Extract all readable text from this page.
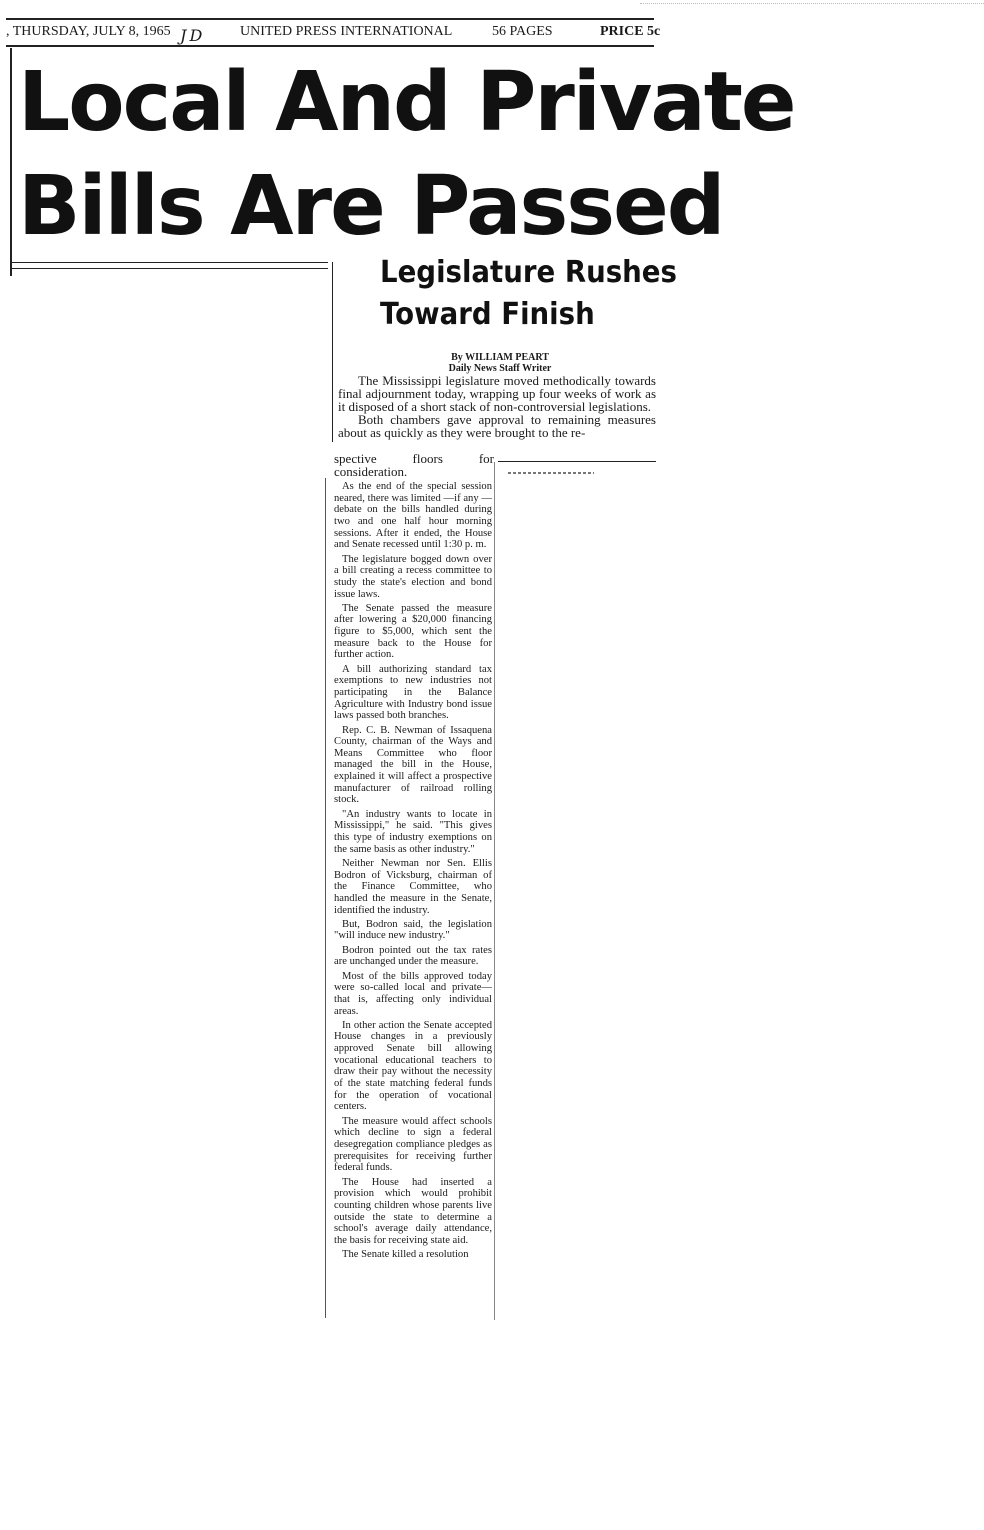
, THURSDAY, JULY 8, 1965 J D	UNITED PRESS INTERNATIONAL	56 PAGES	PRICE 5c
Local And Private
Bills Are Passed
Legislature Rushes
Toward Finish
By WILLIAM PEART
Daily News Staff Writer

The Mississippi legislature moved methodically towards final adjournment today, wrapping up four weeks of work as it disposed of a short stack of non-controversial legislations.

Both chambers gave approval to remaining measures about as quickly as they were brought to the re-

spective floors for consideration.

As the end of the special session neared, there was limited —if any — debate on the bills handled during two and one half hour morning sessions. After it ended, the House and Senate recessed until 1:30 p. m.

The legislature bogged down over a bill creating a recess committee to study the state's election and bond issue laws.

The Senate passed the measure after lowering a $20,000 financing figure to $5,000, which sent the measure back to the House for further action.

A bill authorizing standard tax exemptions to new industries not participating in the Balance Agriculture with Industry bond issue laws passed both branches.

Rep. C. B. Newman of Issaquena County, chairman of the Ways and Means Committee who floor managed the bill in the House, explained it will affect a prospective manufacturer of railroad rolling stock.

"An industry wants to locate in Mississippi," he said. "This gives this type of industry exemptions on the same basis as other industry."

Neither Newman nor Sen. Ellis Bodron of Vicksburg, chairman of the Finance Committee, who handled the measure in the Senate, identified the industry.

But, Bodron said, the legislation "will induce new industry."

Bodron pointed out the tax rates are unchanged under the measure.

Most of the bills approved today were so-called local and private—that is, affecting only individual areas.

In other action the Senate accepted House changes in a previously approved Senate bill allowing vocational educational teachers to draw their pay without the necessity of the state matching federal funds for the operation of vocational centers.

The measure would affect schools which decline to sign a federal desegregation compliance pledges as prerequisites for receiving further federal funds.

The House had inserted a provision which would prohibit counting children whose parents live outside the state to determine a school's average daily attendance, the basis for receiving state aid.

The Senate killed a resolution
